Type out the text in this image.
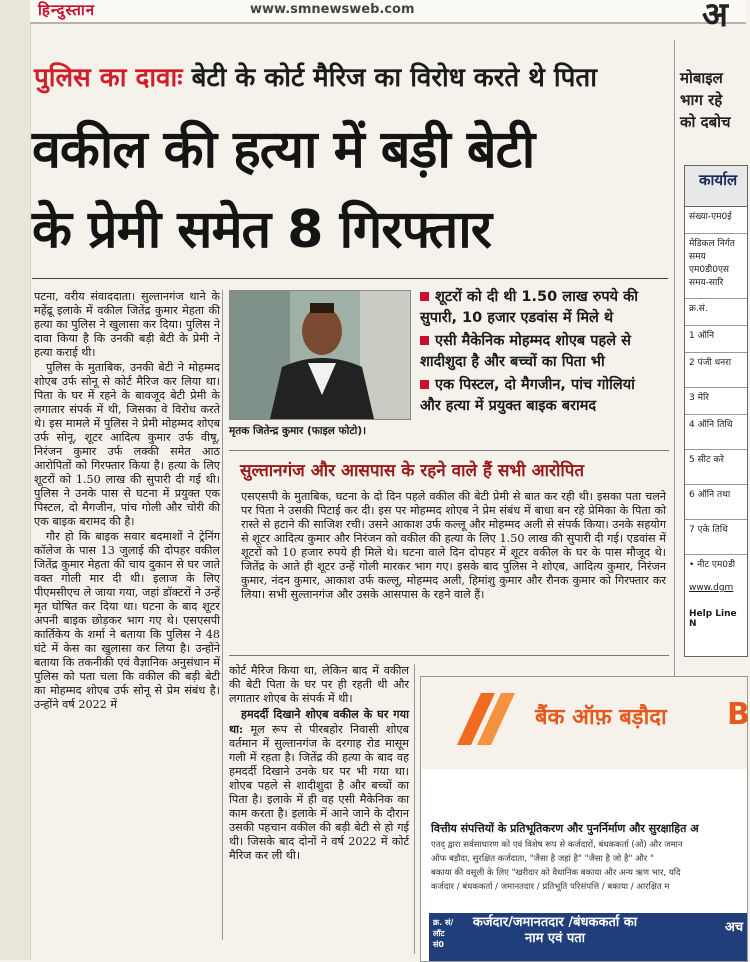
हिन्दुस्तान	www.smnewsweb.com	अ
पुलिस का दावाः बेटी के कोर्ट मैरिज का विरोध करते थे पिता
वकील की हत्या में बड़ी बेटी
के प्रेमी समेत 8 गिरफ्तार

पटना, वरीय संवाददाता। सुल्तानगंज थाने के महेंद्रू इलाके में वकील जितेंद्र कुमार मेहता की हत्या का पुलिस ने खुलासा कर दिया। पुलिस ने दावा किया है कि उनकी बड़ी बेटी के प्रेमी ने हत्या कराई थी।

पुलिस के मुताबिक, उनकी बेटी ने मोहम्मद शोएब उर्फ सोनू से कोर्ट मैरिज कर लिया था। पिता के घर में रहने के बावजूद बेटी प्रेमी के लगातार संपर्क में थी, जिसका वे विरोध करते थे। इस मामले में पुलिस ने प्रेमी मोहम्मद शोएब उर्फ सोनू, शूटर आदित्य कुमार उर्फ वीषू, निरंजन कुमार उर्फ लक्की समेत आठ आरोपितों को गिरफ्तार किया है। हत्या के लिए शूटरों को 1.50 लाख की सुपारी दी गई थी। पुलिस ने उनके पास से घटना में प्रयुक्त एक पिस्टल, दो मैगजीन, पांच गोली और चोरी की एक बाइक बरामद की है।

गौर हो कि बाइक सवार बदमाशों ने ट्रेनिंग कॉलेज के पास 13 जुलाई की दोपहर वकील जितेंद्र कुमार मेहता की चाय दुकान से घर जाते वक्त गोली मार दी थी। इलाज के लिए पीएमसीएच ले जाया गया, जहां डॉक्टरों ने उन्हें मृत घोषित कर दिया था। घटना के बाद शूटर अपनी बाइक छोड़कर भाग गए थे। एसएसपी कार्तिकेय के शर्मा ने बताया कि पुलिस ने 48 घंटे में केस का खुलासा कर लिया है। उन्होंने बताया कि तकनीकी एवं वैज्ञानिक अनुसंधान में पुलिस को पता चला कि वकील की बड़ी बेटी का मोहम्मद शोएब उर्फ सोनू से प्रेम संबंध है। उन्होंने वर्ष 2022 में

मृतक जितेन्द्र कुमार (फाइल फोटो)।
शूटरों को दी थी 1.50 लाख रुपये की सुपारी, 10 हजार एडवांस में मिले थे
एसी मैकेनिक मोहम्मद शोएब पहले से शादीशुदा है और बच्चों का पिता भी
एक पिस्टल, दो मैगजीन, पांच गोलियां और हत्या में प्रयुक्त बाइक बरामद
सुल्तानगंज और आसपास के रहने वाले हैं सभी आरोपित
एसएसपी के मुताबिक, घटना के दो दिन पहले वकील की बेटी प्रेमी से बात कर रही थी। इसका पता चलने पर पिता ने उसकी पिटाई कर दी। इस पर मोहम्मद शोएब ने प्रेम संबंध में बाधा बन रहे प्रेमिका के पिता को रास्ते से हटाने की साजिश रची। उसने आकाश उर्फ कल्लू और मोहम्मद अली से संपर्क किया। उनके सहयोग से शूटर आदित्य कुमार और निरंजन को वकील की हत्या के लिए 1.50 लाख की सुपारी दी गई। एडवांस में शूटरों को 10 हजार रुपये ही मिले थे। घटना वाले दिन दोपहर में शूटर वकील के घर के पास मौजूद थे। जितेंद्र के आते ही शूटर उन्हें गोली मारकर भाग गए। इसके बाद पुलिस ने शोएब, आदित्य कुमार, निरंजन कुमार, नंदन कुमार, आकाश उर्फ कल्लू, मोहम्मद अली, हिमांशु कुमार और रौनक कुमार को गिरफ्तार कर लिया। सभी सुल्तानगंज और उसके आसपास के रहने वाले हैं।

कोर्ट मैरिज किया था, लेकिन बाद में वकील की बेटी पिता के घर पर ही रहती थी और लगातार शोएब के संपर्क में थी।

हमदर्दी दिखाने शोएब वकील के घर गया था: मूल रूप से पीरबहोर निवासी शोएब वर्तमान में सुल्तानगंज के दरगाह रोड मासूम गली में रहता है। जितेंद्र की हत्या के बाद वह हमदर्दी दिखाने उनके घर पर भी गया था। शोएब पहले से शादीशुदा है और बच्चों का पिता है। इलाके में ही वह एसी मैकेनिक का काम करता है। इलाके में आने जाने के दौरान उसकी पहचान वकील की बड़ी बेटी से हो गई थी। जिसके बाद दोनों ने वर्ष 2022 में कोर्ट मैरिज कर ली थी।

मोबाइल
भाग रहे
को दबोच
कार्याल
संख्या-एम0ई
मेडिकल निर्गत समय एम0डी0एस समय-सारि
क्र.सं.
1 ऑनि
2 पंजी धनरा
3 मेरि
4 ऑनि तिथि
5 सीट करे
6 ऑनि तथा
7 एके तिथि
• नीट एम0डी
www.dgm
Help Line N
बैंक ऑफ़ बड़ौदा B
वित्तीय संपत्तियों के प्रतिभूतिकरण और पुनर्निर्माण और सुरक्षाहित अ
एतद् द्वारा सर्वसाधारण को एवं विशेष रूप से कर्जदारों, बंधककर्ता (ओं) और जमान
ऑफ बड़ौदा, सुरक्षित कर्जदाता, "जैसा है जहां है" "जैसा है जो है" और "
बकाया की वसूली के लिए "खरीदार को वैधानिक बकाया और अन्य ऋण भार, यदि
कर्जदार / बंधककर्ता / जमानतदार / प्रतिभूति परिसंपत्ति / बकाया / आरक्षित म
क्र. सं/ लॉट सं0
कर्जदार/जमानतदार /बंधककर्ता का नाम एवं पता
अच
